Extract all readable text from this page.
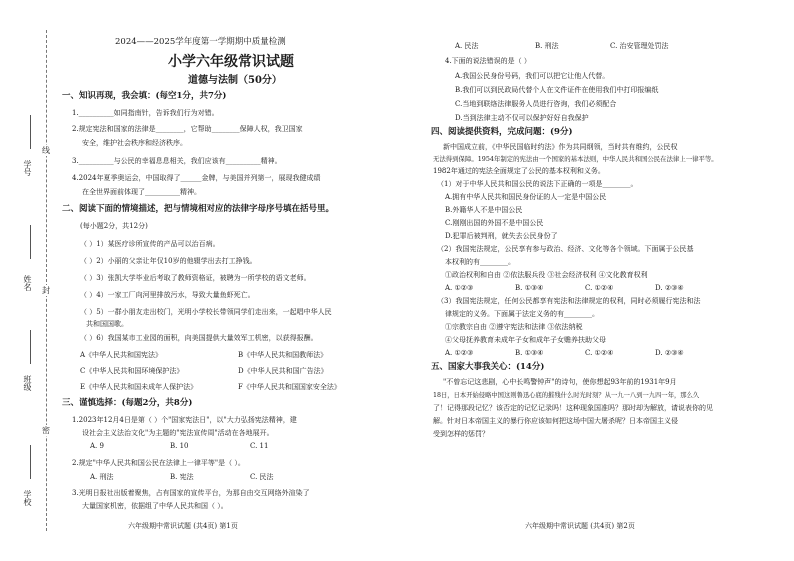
学校
班级
姓名
学号
线
封
密
2024——2025学年度第一学期期中质量检测
小学六年级常识试题
道德与法制（50分）
一、知识再现，我会填：(每空1分，共7分)
1.__________如同指南针，告诉我们行为对错。
2.规定宪法和国家的法律是________，它帮助________保障人权，我卫国家
安全，维护社会秩序和经济秩序。
3.__________与公民的幸福息息相关，我们应该有__________精神。
4.2024年夏季奥运会，中国取得了______金牌，与美国并列第一，展现我健成绩
在全世界面前体现了__________精神。
二、阅读下面的情境描述，把与情境相对应的法律字母序号填在括号里。
(每小题2分，共12分)
（ ）1）某医疗诊所宣传的产品可以治百病。
（ ）2）小丽的父亲让年仅10岁的他辍学出去打工挣钱。
（ ）3）张凯大学毕业后考取了教师资格证，被聘为一所学校的语文老师。
（ ）4）一家工厂向河里排放污水，导致大量鱼虾死亡。
（ ）5）一群小朋友走出校门，光明小学校长带领同学们走出来，一起唱中华人民
共和国国歌。
（ ）6）我国某市工业园的面积，向美国提供大量效军工机密，以获得报酬。
A《中华人民共和国宪法》	B《中华人民共和国教师法》
C《中华人民共和国环境保护法》	D《中华人民共和国广告法》
E《中华人民共和国未成年人保护法》	F《中华人民共和国国家安全法》
三、谨慎选择：(每题2分，共8分)
1.2023年12月4日是第（ ）个"国家宪法日"，以"大力弘扬宪法精神，建
设社会主义法治文化"为主题的"宪法宣传周"活动在各地展开。
A. 9	B. 10	C. 11
2.规定"中华人民共和国公民在法律上一律平等"是（ ）。
A. 刑法	B. 宪法	C. 民法
3.光明日报社出版着聚焦，占有国家的宣传平台，为那自由交互网络外渲染了
大量国家机密，依据组了中华人民共和国（ ）。
六年级期中常识试题 (共4页) 第1页
A. 民法	B. 刑法	C. 治安管理处罚法
4.下面的说法错误的是（ ）
A.我国公民身份号码，我们可以把它让他人代替。
B.我们可以到民政局代替个人在文件证件在使用我们中打印报编纸
C.当地到联络法律服务人员进行咨询，我们必须配合
D.当到法律主动不仅可以保护好好自我保护
四、阅读提供资料，完成问题：(9分)
新中国成立前，《中华民国临时约法》作为共同纲领，当时共有维约，公民权
无法得到保障。1954年制定的宪法由一个国家的基本法则，中华人民共和国公民在法律上一律平等。
1982年通过的宪法全面规定了公民的基本权利和义务。
（1）对于中华人民共和国公民的说法下正确的一项是________。
A.拥有中华人民共和国民身份证的人一定是中国公民
B.外籍华人不是中国公民
C.刚刚出国的外国不是中国公民
D.犯罪后被判刑，就失去公民身份了
（2）我国宪法规定，公民享有参与政治、经济、文化等各个领域。下面属于公民基
本权利的有________。
①政治权利和自由 ②依法服兵役 ③社会经济权利 ④文化教育权利
A. ①②③	B. ①③④	C. ①②④	D. ②③④
（3）我国宪法规定，任何公民都享有宪法和法律规定的权利，同时必须履行宪法和法
律规定的义务。下面属于法定义务的有________。
①宗教宗自由 ②遵守宪法和法律 ③依法纳税
④父母抚养教育未成年子女和成年子女赡养扶助父母
A. ①②③	B. ①③④	C. ①②④	D. ②③④
五、国家大事我关心：(14分)
"不曾忘记这悲剧，心中长鸣警钟声"的诗句，使你想起93年前的1931年9月
18日，日本开始侵略中国这则鲁迅心底的摧残什么时光时刻？从一九一八到一九四一年，那么久
了！记得那段记忆？该否定的记忆记录吗！这种现象国准吗？那时却为解放，请说表你的见
解。针对日本帝国主义的暴行你应该如何把这场中国大屠杀呢？日本帝国主义侵
受到怎样的惩罚？
六年级期中常识试题 (共4页) 第2页
